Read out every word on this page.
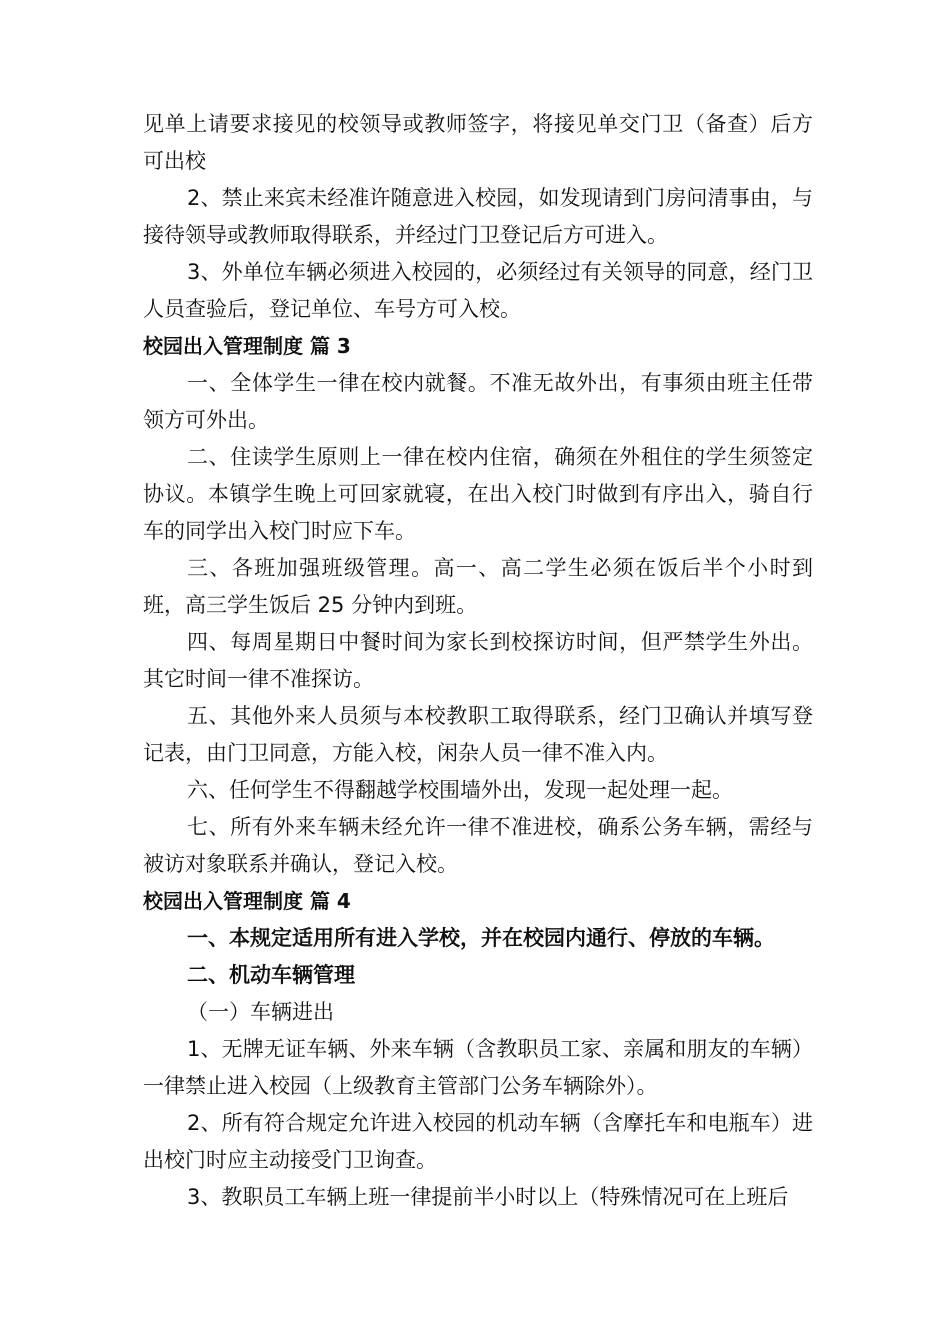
见单上请要求接见的校领导或教师签字，将接见单交门卫（备查）后方可出校

2、禁止来宾未经准许随意进入校园，如发现请到门房问清事由，与接待领导或教师取得联系，并经过门卫登记后方可进入。

3、外单位车辆必须进入校园的，必须经过有关领导的同意，经门卫人员查验后，登记单位、车号方可入校。

校园出入管理制度 篇 3

一、全体学生一律在校内就餐。不准无故外出，有事须由班主任带领方可外出。

二、住读学生原则上一律在校内住宿，确须在外租住的学生须签定协议。本镇学生晚上可回家就寝，在出入校门时做到有序出入，骑自行车的同学出入校门时应下车。

三、各班加强班级管理。高一、高二学生必须在饭后半个小时到班，高三学生饭后 25 分钟内到班。

四、每周星期日中餐时间为家长到校探访时间，但严禁学生外出。其它时间一律不准探访。

五、其他外来人员须与本校教职工取得联系，经门卫确认并填写登记表，由门卫同意，方能入校，闲杂人员一律不准入内。

六、任何学生不得翻越学校围墙外出，发现一起处理一起。

七、所有外来车辆未经允许一律不准进校，确系公务车辆，需经与被访对象联系并确认，登记入校。

校园出入管理制度 篇 4

一、本规定适用所有进入学校，并在校园内通行、停放的车辆。

二、机动车辆管理

（一）车辆进出

1、无牌无证车辆、外来车辆（含教职员工家、亲属和朋友的车辆）一律禁止进入校园（上级教育主管部门公务车辆除外）。

2、所有符合规定允许进入校园的机动车辆（含摩托车和电瓶车）进出校门时应主动接受门卫询查。

3、教职员工车辆上班一律提前半小时以上（特殊情况可在上班后
